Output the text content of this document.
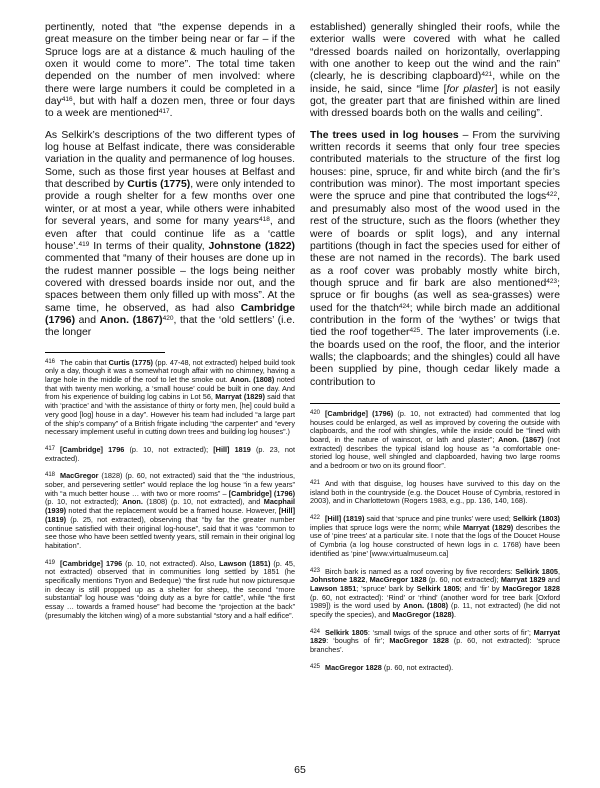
pertinently, noted that “the expense depends in a great measure on the timber being near or far – if the Spruce logs are at a distance & much hauling of the oxen it would come to more”. The total time taken depended on the number of men involved: where there were large numbers it could be completed in a day$^{416}$, but with half a dozen men, three or four days to a week are mentioned$^{417}$.

As Selkirk’s descriptions of the two different types of log house at Belfast indicate, there was considerable variation in the quality and permanence of log houses. Some, such as those first year houses at Belfast and that described by Curtis (1775), were only intended to provide a rough shelter for a few months over one winter, or at most a year, while others were inhabited for several years, and some for many years$^{418}$, and even after that could continue life as a ‘cattle house’.$^{419}$ In terms of their quality, Johnstone (1822) commented that “many of their houses are done up in the rudest manner possible – the logs being neither covered with dressed boards inside nor out, and the spaces between them only filled up with moss”. At the same time, he observed, as had also Cambridge (1796) and Anon. $(1867)^{420}$, that the ‘old settlers’ (i.e. the longer

416 The cabin that Curtis (1775) (pp. 47-48, not extracted) helped build took only a day, though it was a somewhat rough affair with no chimney, having a large hole in the middle of the roof to let the smoke out. Anon. (1808) noted that with twenty men working, a ‘small house’ could be built in one day. And from his experience of building log cabins in Lot 56, Marryat (1829) said that with ‘practice’ and ‘with the assistance of thirty or forty men, [he] could build a very good [log] house in a day”. However his team had included “a large part of the ship’s company” of a British frigate including “the carpenter” and “every necessary implement useful in cutting down trees and building log houses”.)

417 [Cambridge] 1796 (p. 10, not extracted); [Hill] 1819 (p. 23, not extracted).

418 MacGregor (1828) (p. 60, not extracted) said that the “the industrious, sober, and persevering settler” would replace the log house “in a few years” with “a much better house … with two or more rooms” – [Cambridge] (1796) (p. 10, not extracted); Anon. (1808) (p. 10, not extracted), and Macphail (1939) noted that the replacement would be a framed house. However, [Hill] (1819) (p. 25, not extracted), observing that “by far the greater number continue satisfied with their original log-house”, said that it was “common to see those who have been settled twenty years, still remain in their original log habitation”.

419 [Cambridge] 1796 (p. 10, not extracted). Also, Lawson (1851) (p. 45, not extracted) observed that in communities long settled by 1851 (he specifically mentions Tryon and Bedeque) “the first rude hut now picturesque in decay is still propped up as a shelter for sheep, the second “more substantial” log house was “doing duty as a byre for cattle”, while “the first essay … towards a framed house” had become the “projection at the back” (presumably the kitchen wing) of a more substantial “story and a half edifice”.

established) generally shingled their roofs, while the exterior walls were covered with what he called “dressed boards nailed on horizontally, overlapping with one another to keep out the wind and the rain” (clearly, he is describing clapboard)$^{421}$, while on the inside, he said, since “lime [for plaster] is not easily got, the greater part that are finished within are lined with dressed boards both on the walls and ceiling”.

The trees used in log houses – From the surviving written records it seems that only four tree species contributed materials to the structure of the first log houses: pine, spruce, fir and white birch (and the fir’s contribution was minor). The most important species were the spruce and pine that contributed the logs$^{422}$, and presumably also most of the wood used in the rest of the structure, such as the floors (whether they were of boards or split logs), and any internal partitions (though in fact the species used for either of these are not named in the records). The bark used as a roof cover was probably mostly white birch, though spruce and fir bark are also mentioned$^{423}$; spruce or fir boughs (as well as sea-grasses) were used for the thatch$^{424}$; while birch made an additional contribution in the form of the ‘wythes’ or twigs that tied the roof together$^{425}$. The later improvements (i.e. the boards used on the roof, the floor, and the interior walls; the clapboards; and the shingles) could all have been supplied by pine, though cedar likely made a contribution to

420 [Cambridge] (1796) (p. 10, not extracted) had commented that log houses could be enlarged, as well as improved by covering the outside with clapboards, and the roof with shingles, while the inside could be “lined with board, in the nature of wainscot, or lath and plaster”; Anon. (1867) (not extracted) describes the typical island log house as “a comfortable one-storied log house, well shingled and clapboarded, having two large rooms and a bedroom or two on its ground floor”.

421 And with that disguise, log houses have survived to this day on the island both in the countryside (e.g. the Doucet House of Cymbria, restored in 2003), and in Charlottetown (Rogers 1983, e.g., pp. 136, 140, 168).

422 [Hill] (1819) said that ‘spruce and pine trunks’ were used; Selkirk (1803) implies that spruce logs were the norm; while Marryat (1829) describes the use of ‘pine trees’ at a particular site. I note that the logs of the Doucet House of Cymbria (a log house constructed of hewn logs in c. 1768) have been identified as ‘pine’ [www.virtualmuseum.ca]

423 Birch bark is named as a roof covering by five recorders: Selkirk 1805, Johnstone 1822, MacGregor 1828 (p. 60, not extracted); Marryat 1829 and Lawson 1851; ‘spruce’ bark by Selkirk 1805; and ‘fir’ by MacGregor 1828 (p. 60, not extracted): ‘Rind’ or ‘rhind’ (another word for tree bark [Oxford 1989]) is the word used by Anon. (1808) (p. 11, not extracted) (he did not specify the species), and MacGregor (1828).

424 Selkirk 1805: ‘small twigs of the spruce and other sorts of fir’; Marryat 1829: ‘boughs of fir’; MacGregor 1828 (p. 60, not extracted): ‘spruce branches’.

425 MacGregor 1828 (p. 60, not extracted).

65
